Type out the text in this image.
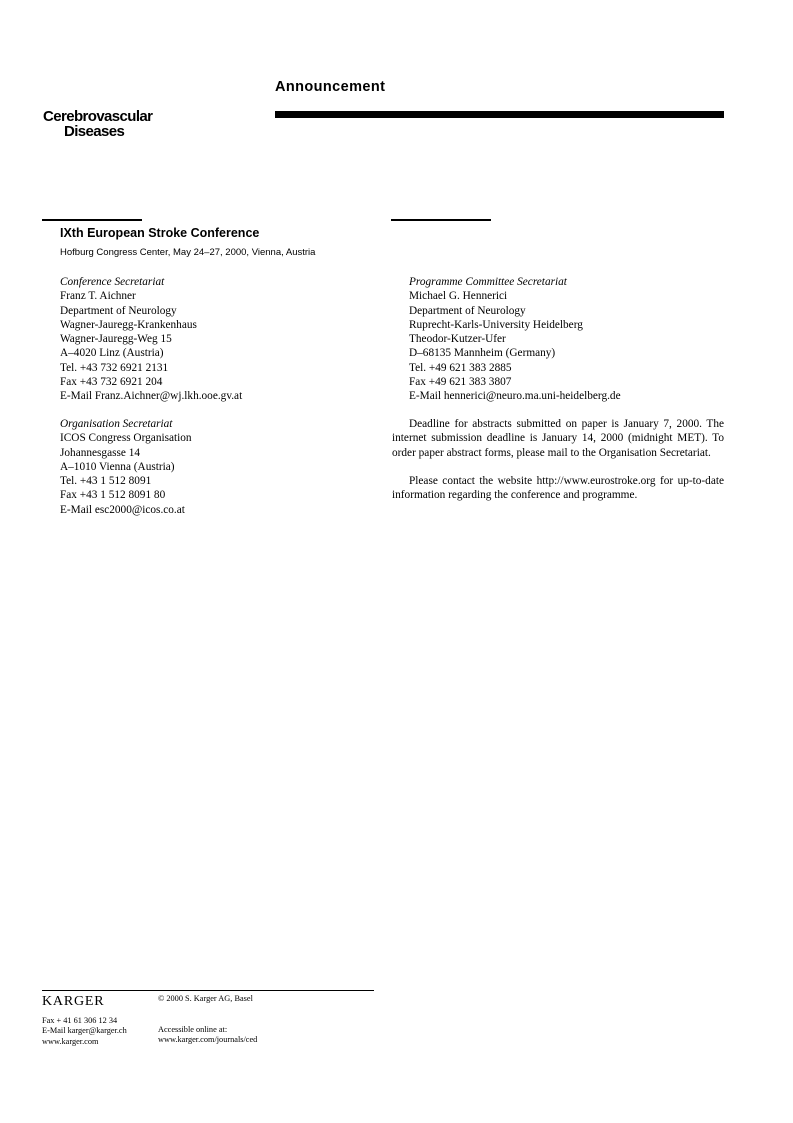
Announcement
Cerebrovascular
Diseases
IXth European Stroke Conference
Hofburg Congress Center, May 24–27, 2000, Vienna, Austria
Conference Secretariat
Franz T. Aichner
Department of Neurology
Wagner-Jauregg-Krankenhaus
Wagner-Jauregg-Weg 15
A–4020 Linz (Austria)
Tel. +43 732 6921 2131
Fax +43 732 6921 204
E-Mail Franz.Aichner@wj.lkh.ooe.gv.at
Organisation Secretariat
ICOS Congress Organisation
Johannesgasse 14
A–1010 Vienna (Austria)
Tel. +43 1 512 8091
Fax +43 1 512 8091 80
E-Mail esc2000@icos.co.at
Programme Committee Secretariat
Michael G. Hennerici
Department of Neurology
Ruprecht-Karls-University Heidelberg
Theodor-Kutzer-Ufer
D–68135 Mannheim (Germany)
Tel. +49 621 383 2885
Fax +49 621 383 3807
E-Mail hennerici@neuro.ma.uni-heidelberg.de
Deadline for abstracts submitted on paper is January 7, 2000. The internet submission deadline is January 14, 2000 (midnight MET). To order paper abstract forms, please mail to the Organisation Secretariat.
Please contact the website http://www.eurostroke.org for up-to-date information regarding the conference and programme.
KARGER	© 2000 S. Karger AG, Basel
Fax + 41 61 306 12 34
E-Mail karger@karger.ch
www.karger.com
Accessible online at:
www.karger.com/journals/ced
